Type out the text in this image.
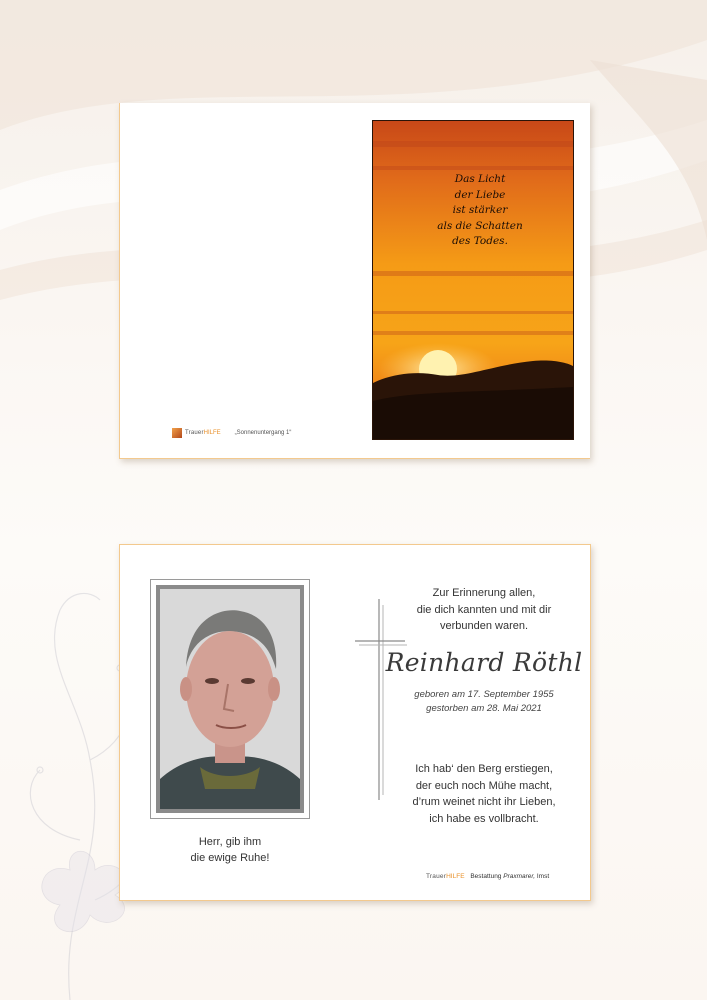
Das Licht
der Liebe
ist stärker
als die Schatten
des Todes.
Trauer HILFE „Sonnenuntergang 1“
Herr, gib ihm
die ewige Ruhe!
Zur Erinnerung allen,
die dich kannten und mit dir
verbunden waren.
Reinhard Röthl
geboren am 17. September 1955
gestorben am 28. Mai 2021
Ich hab‘ den Berg erstiegen,
der euch noch Mühe macht,
d’rum weinet nicht ihr Lieben,
ich habe es vollbracht.
TrauerHILFE Bestattung Praxmarer, Imst
